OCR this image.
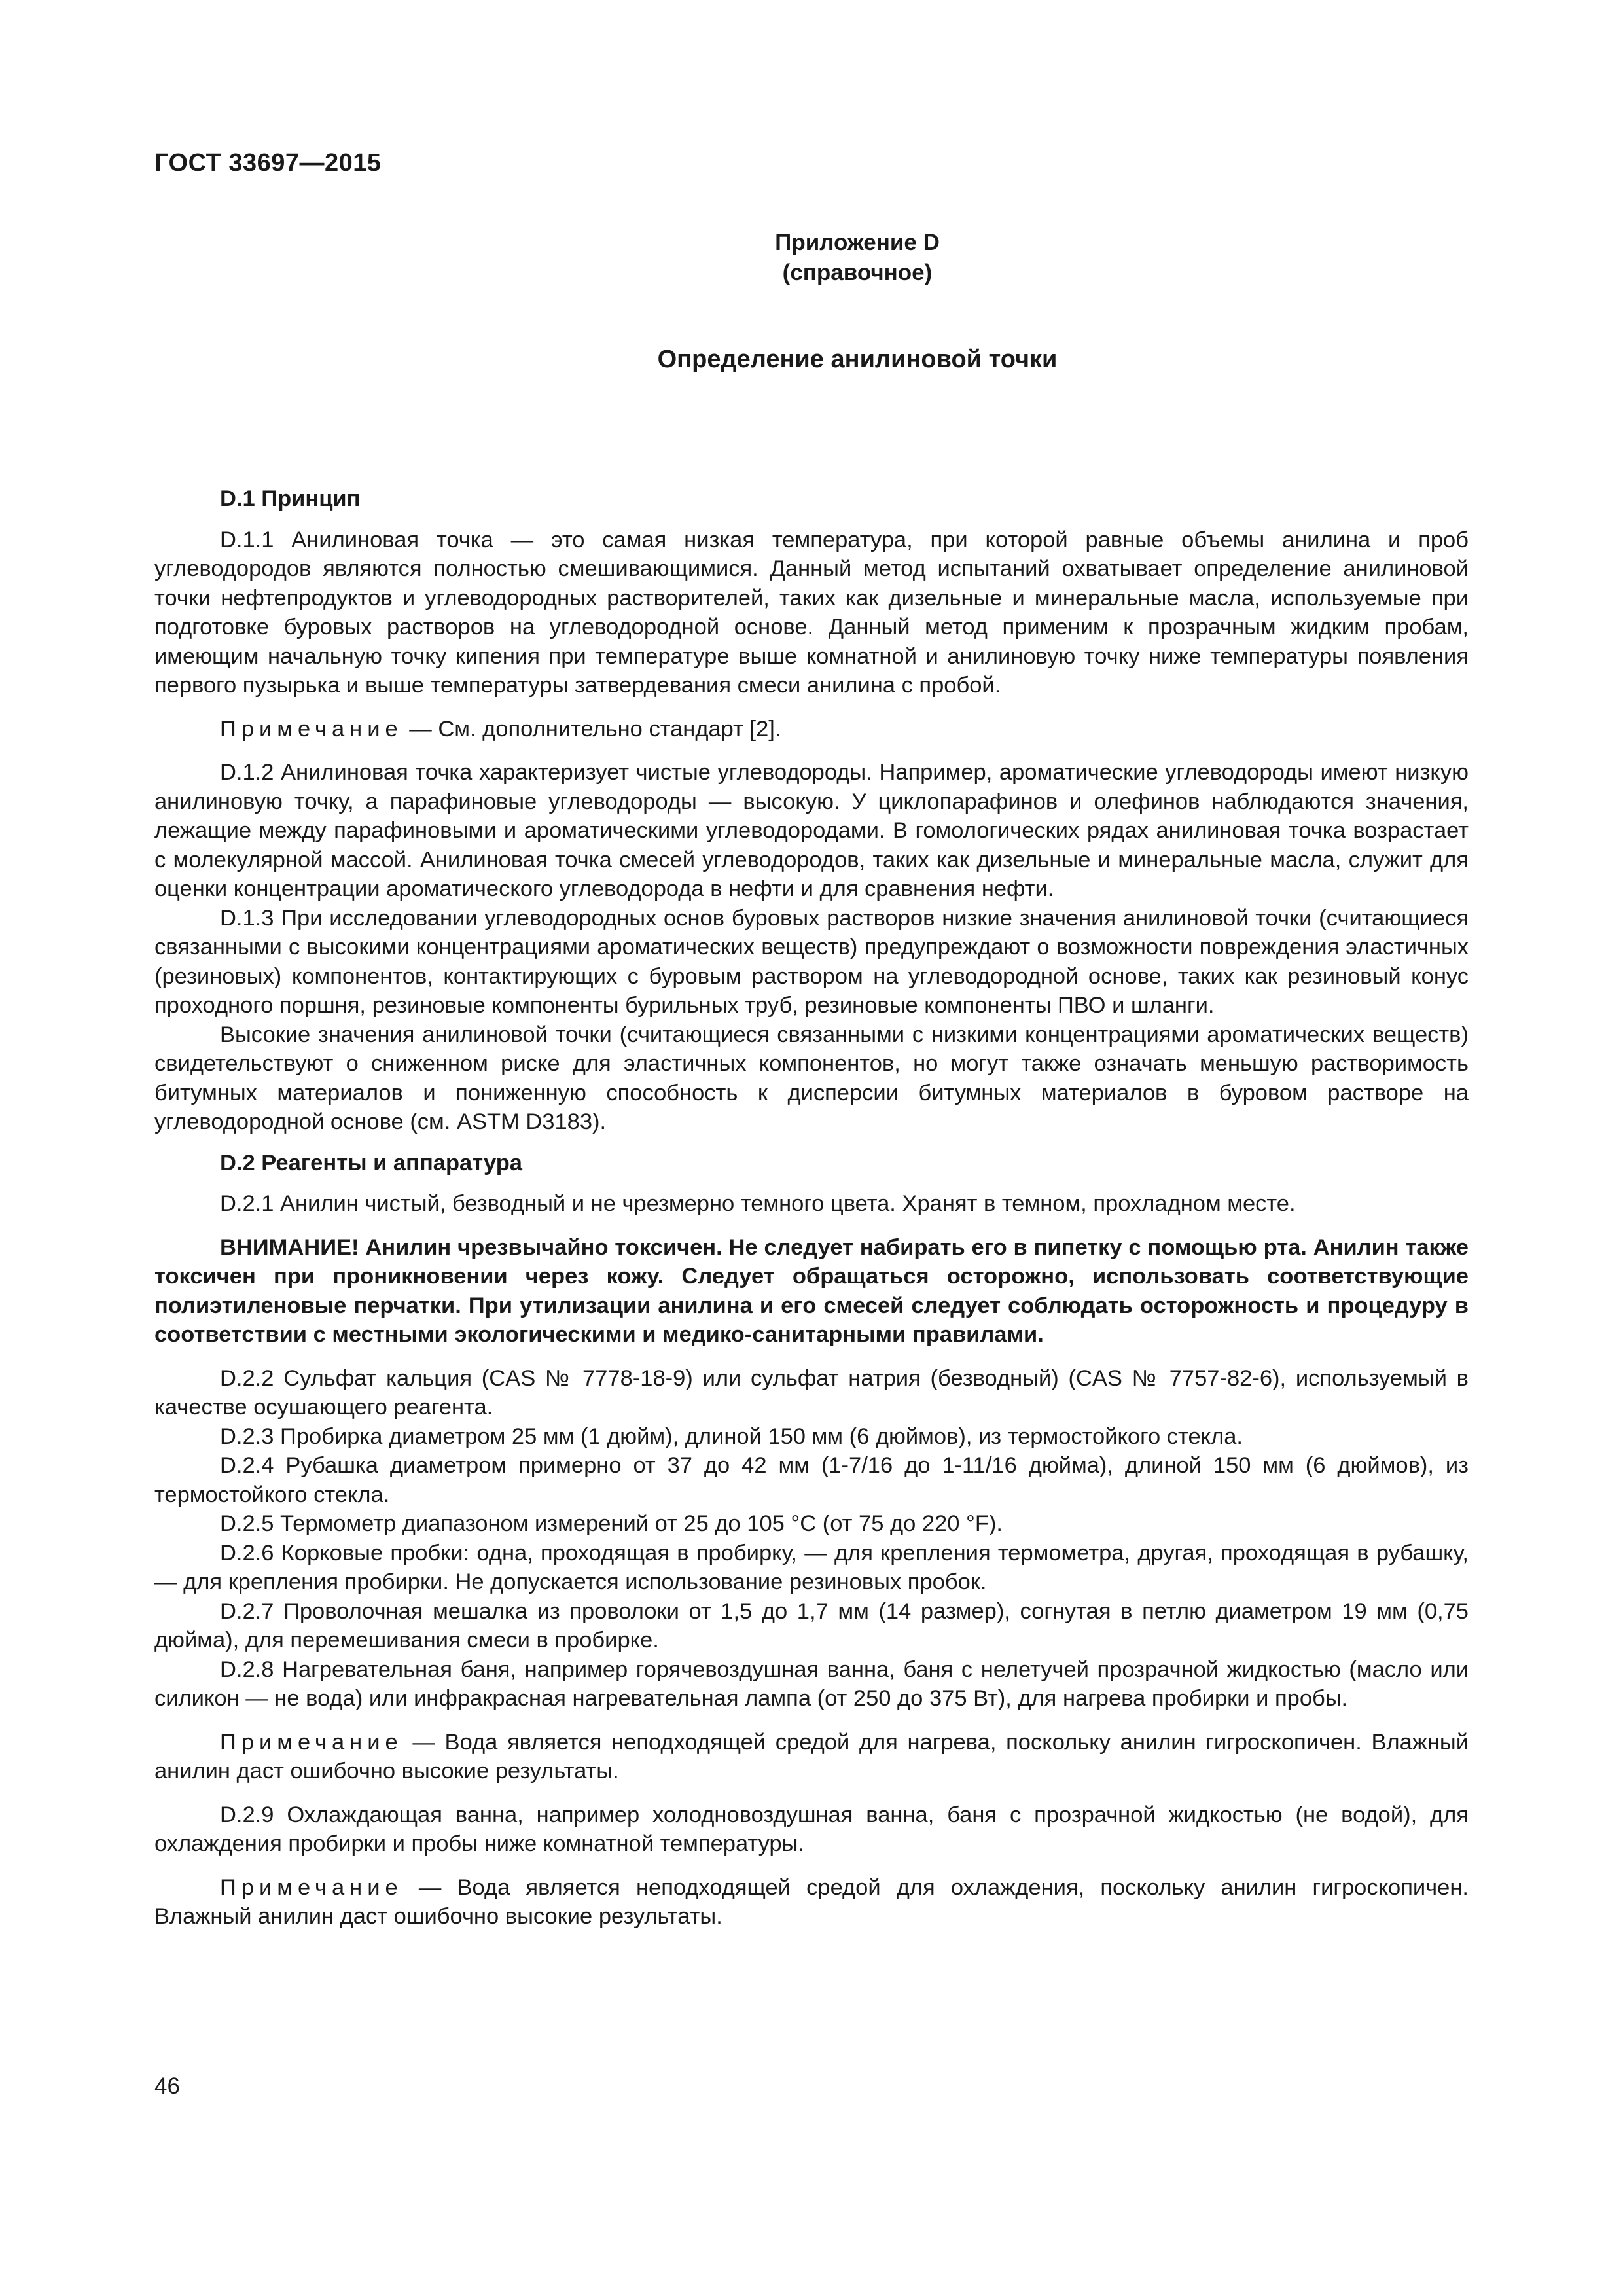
ГОСТ 33697—2015
Приложение D
(справочное)
Определение анилиновой точки

D.1 Принцип

D.1.1 Анилиновая точка — это самая низкая температура, при которой равные объемы анилина и проб углеводородов являются полностью смешивающимися. Данный метод испытаний охватывает определение анилиновой точки нефтепродуктов и углеводородных растворителей, таких как дизельные и минеральные масла, используемые при подготовке буровых растворов на углеводородной основе. Данный метод применим к прозрачным жидким пробам, имеющим начальную точку кипения при температуре выше комнатной и анилиновую точку ниже температуры появления первого пузырька и выше температуры затвердевания смеси анилина с пробой.

Примечание — См. дополнительно стандарт [2].

D.1.2 Анилиновая точка характеризует чистые углеводороды. Например, ароматические углеводороды имеют низкую анилиновую точку, а парафиновые углеводороды — высокую. У циклопарафинов и олефинов наблюдаются значения, лежащие между парафиновыми и ароматическими углеводородами. В гомологических рядах анилиновая точка возрастает с молекулярной массой. Анилиновая точка смесей углеводородов, таких как дизельные и минеральные масла, служит для оценки концентрации ароматического углеводорода в нефти и для сравнения нефти.

D.1.3 При исследовании углеводородных основ буровых растворов низкие значения анилиновой точки (считающиеся связанными с высокими концентрациями ароматических веществ) предупреждают о возможности повреждения эластичных (резиновых) компонентов, контактирующих с буровым раствором на углеводородной основе, таких как резиновый конус проходного поршня, резиновые компоненты бурильных труб, резиновые компоненты ПВО и шланги.

Высокие значения анилиновой точки (считающиеся связанными с низкими концентрациями ароматических веществ) свидетельствуют о сниженном риске для эластичных компонентов, но могут также означать меньшую растворимость битумных материалов и пониженную способность к дисперсии битумных материалов в буровом растворе на углеводородной основе (см. ASTM D3183).

D.2 Реагенты и аппаратура

D.2.1 Анилин чистый, безводный и не чрезмерно темного цвета. Хранят в темном, прохладном месте.

ВНИМАНИЕ! Анилин чрезвычайно токсичен. Не следует набирать его в пипетку с помощью рта. Анилин также токсичен при проникновении через кожу. Следует обращаться осторожно, использовать соответствующие полиэтиленовые перчатки. При утилизации анилина и его смесей следует соблюдать осторожность и процедуру в соответствии с местными экологическими и медико-санитарными правилами.

D.2.2 Сульфат кальция (CAS № 7778-18-9) или сульфат натрия (безводный) (CAS № 7757-82-6), используемый в качестве осушающего реагента.

D.2.3 Пробирка диаметром 25 мм (1 дюйм), длиной 150 мм (6 дюймов), из термостойкого стекла.

D.2.4 Рубашка диаметром примерно от 37 до 42 мм (1-7/16 до 1-11/16 дюйма), длиной 150 мм (6 дюймов), из термостойкого стекла.

D.2.5 Термометр диапазоном измерений от 25 до 105 °С (от 75 до 220 °F).

D.2.6 Корковые пробки: одна, проходящая в пробирку, — для крепления термометра, другая, проходящая в рубашку, — для крепления пробирки. Не допускается использование резиновых пробок.

D.2.7 Проволочная мешалка из проволоки от 1,5 до 1,7 мм (14 размер), согнутая в петлю диаметром 19 мм (0,75 дюйма), для перемешивания смеси в пробирке.

D.2.8 Нагревательная баня, например горячевоздушная ванна, баня с нелетучей прозрачной жидкостью (масло или силикон — не вода) или инфракрасная нагревательная лампа (от 250 до 375 Вт), для нагрева пробирки и пробы.

Примечание — Вода является неподходящей средой для нагрева, поскольку анилин гигроскопичен. Влажный анилин даст ошибочно высокие результаты.

D.2.9 Охлаждающая ванна, например холодновоздушная ванна, баня с прозрачной жидкостью (не водой), для охлаждения пробирки и пробы ниже комнатной температуры.

Примечание — Вода является неподходящей средой для охлаждения, поскольку анилин гигроскопичен. Влажный анилин даст ошибочно высокие результаты.

46
